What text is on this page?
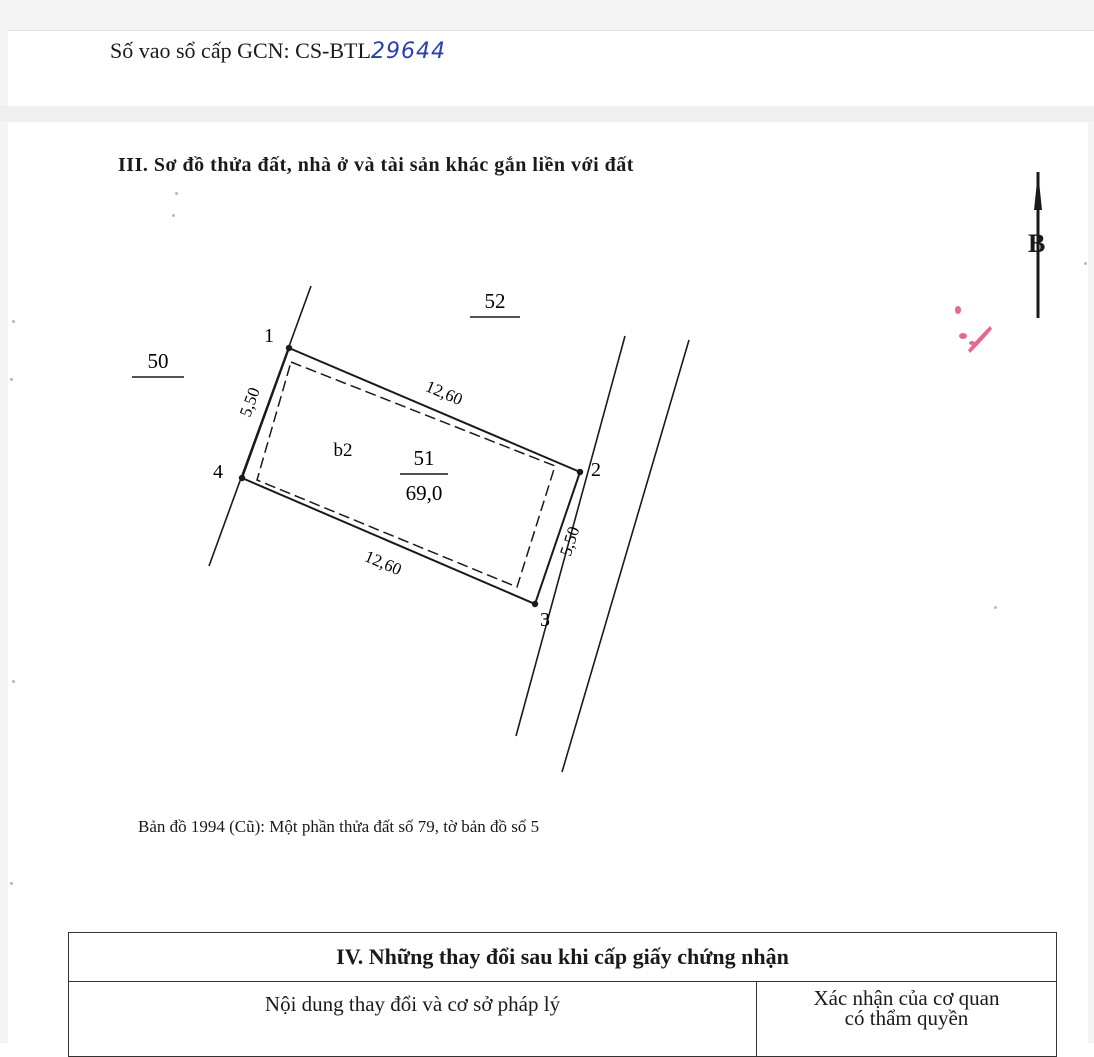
Số vao sổ cấp GCN: CS-BTL29644
III. Sơ đồ thửa đất, nhà ở và tài sản khác gắn liền với đất
50
52
1
2
3
4
12,60
12,60
5,50
5,50
b2	51
69,0
B
Bản đồ 1994 (Cũ): Một phần thửa đất số 79, tờ bản đồ số 5
IV. Những thay đổi sau khi cấp giấy chứng nhận
Nội dung thay đổi và cơ sở pháp lý	Xác nhận của cơ quan
có thẩm quyền
